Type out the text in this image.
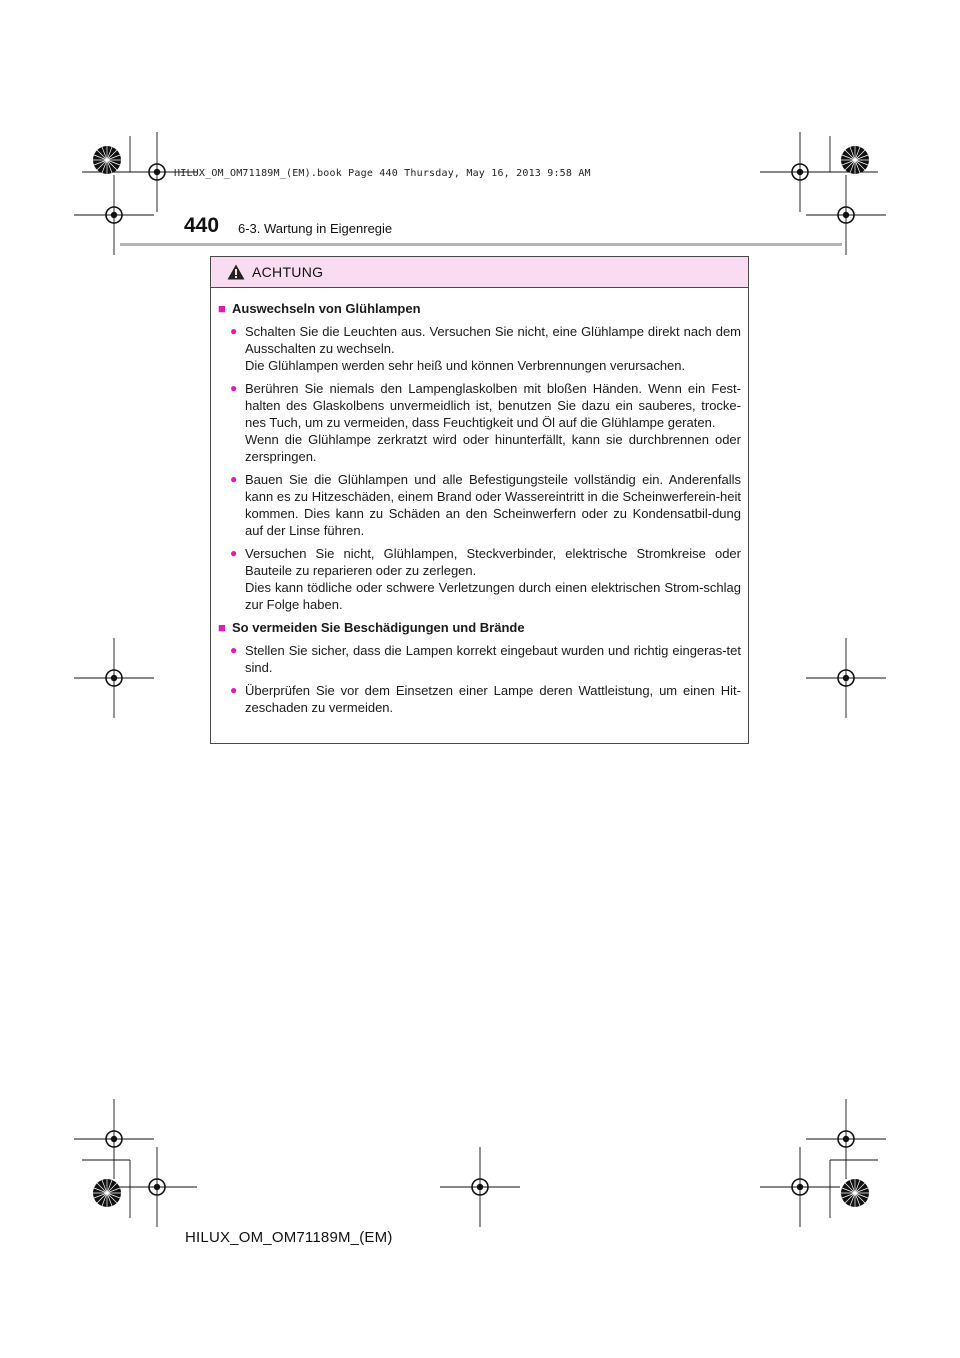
HILUX_OM_OM71189M_(EM).book Page 440 Thursday, May 16, 2013 9:58 AM
440 6-3. Wartung in Eigenregie
ACHTUNG
■ Auswechseln von Glühlampen
● Schalten Sie die Leuchten aus. Versuchen Sie nicht, eine Glühlampe direkt nach dem Ausschalten zu wechseln.

Die Glühlampen werden sehr heiß und können Verbrennungen verursachen.

● Berühren Sie niemals den Lampenglaskolben mit bloßen Händen. Wenn ein Fest-halten des Glaskolbens unvermeidlich ist, benutzen Sie dazu ein sauberes, trocke-nes Tuch, um zu vermeiden, dass Feuchtigkeit und Öl auf die Glühlampe geraten.

Wenn die Glühlampe zerkratzt wird oder hinunterfällt, kann sie durchbrennen oder zerspringen.

● Bauen Sie die Glühlampen und alle Befestigungsteile vollständig ein. Anderenfalls kann es zu Hitzeschäden, einem Brand oder Wassereintritt in die Scheinwerferein-heit kommen. Dies kann zu Schäden an den Scheinwerfern oder zu Kondensatbil-dung auf der Linse führen.

● Versuchen Sie nicht, Glühlampen, Steckverbinder, elektrische Stromkreise oder Bauteile zu reparieren oder zu zerlegen.

Dies kann tödliche oder schwere Verletzungen durch einen elektrischen Strom-schlag zur Folge haben.

■ So vermeiden Sie Beschädigungen und Brände
● Stellen Sie sicher, dass die Lampen korrekt eingebaut wurden und richtig eingeras-tet sind.

● Überprüfen Sie vor dem Einsetzen einer Lampe deren Wattleistung, um einen Hit-zeschaden zu vermeiden.

HILUX_OM_OM71189M_(EM)
